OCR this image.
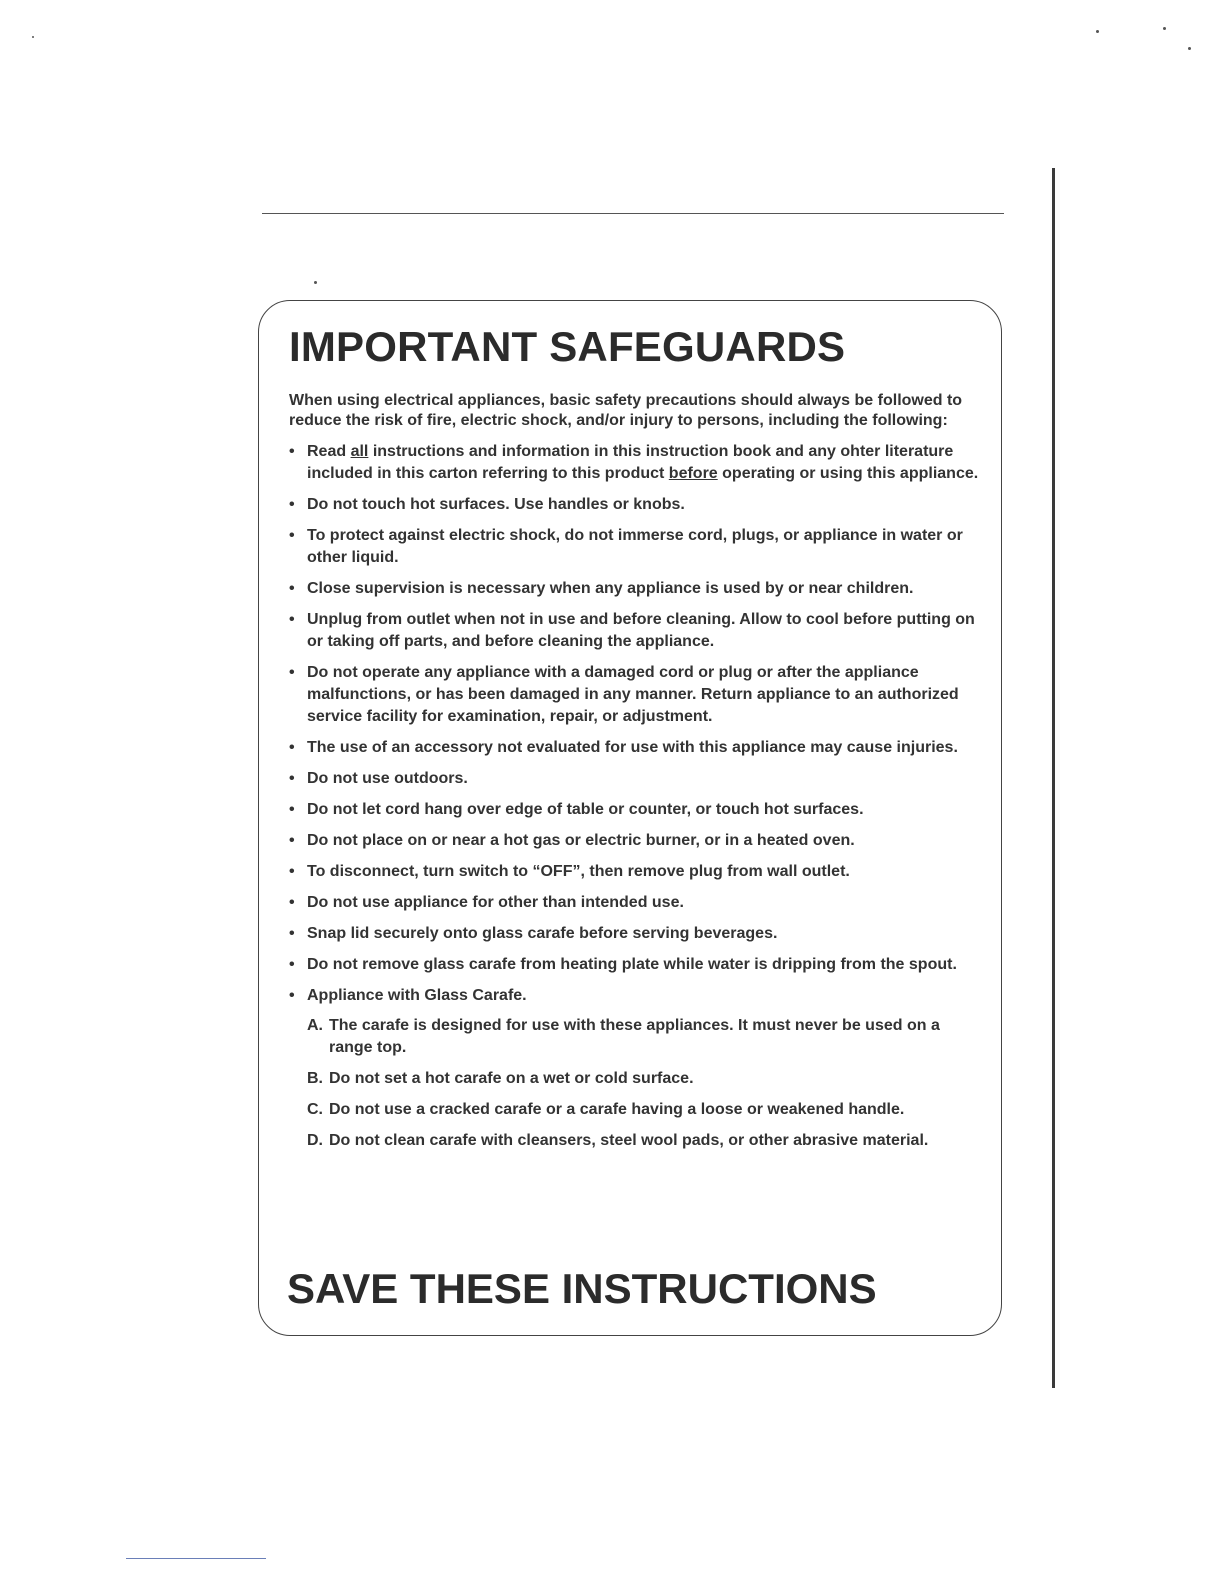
IMPORTANT SAFEGUARDS

When using electrical appliances, basic safety precautions should always be followed to reduce the risk of fire, electric shock, and/or injury to persons, including the following:

• Read all instructions and information in this instruction book and any ohter literature included in this carton referring to this product before operating or using this appliance.
• Do not touch hot surfaces. Use handles or knobs.
• To protect against electric shock, do not immerse cord, plugs, or appliance in water or other liquid.
• Close supervision is necessary when any appliance is used by or near children.
• Unplug from outlet when not in use and before cleaning. Allow to cool before putting on or taking off parts, and before cleaning the appliance.
• Do not operate any appliance with a damaged cord or plug or after the appliance malfunctions, or has been damaged in any manner. Return appliance to an authorized service facility for examination, repair, or adjustment.
• The use of an accessory not evaluated for use with this appliance may cause injuries.
• Do not use outdoors.
• Do not let cord hang over edge of table or counter, or touch hot surfaces.
• Do not place on or near a hot gas or electric burner, or in a heated oven.
• To disconnect, turn switch to “OFF”, then remove plug from wall outlet.
• Do not use appliance for other than intended use.
• Snap lid securely onto glass carafe before serving beverages.
• Do not remove glass carafe from heating plate while water is dripping from the spout.
• Appliance with Glass Carafe.
A. The carafe is designed for use with these appliances. It must never be used on a range top.
B. Do not set a hot carafe on a wet or cold surface.
C. Do not use a cracked carafe or a carafe having a loose or weakened handle.
D. Do not clean carafe with cleansers, steel wool pads, or other abrasive material.
SAVE THESE INSTRUCTIONS
